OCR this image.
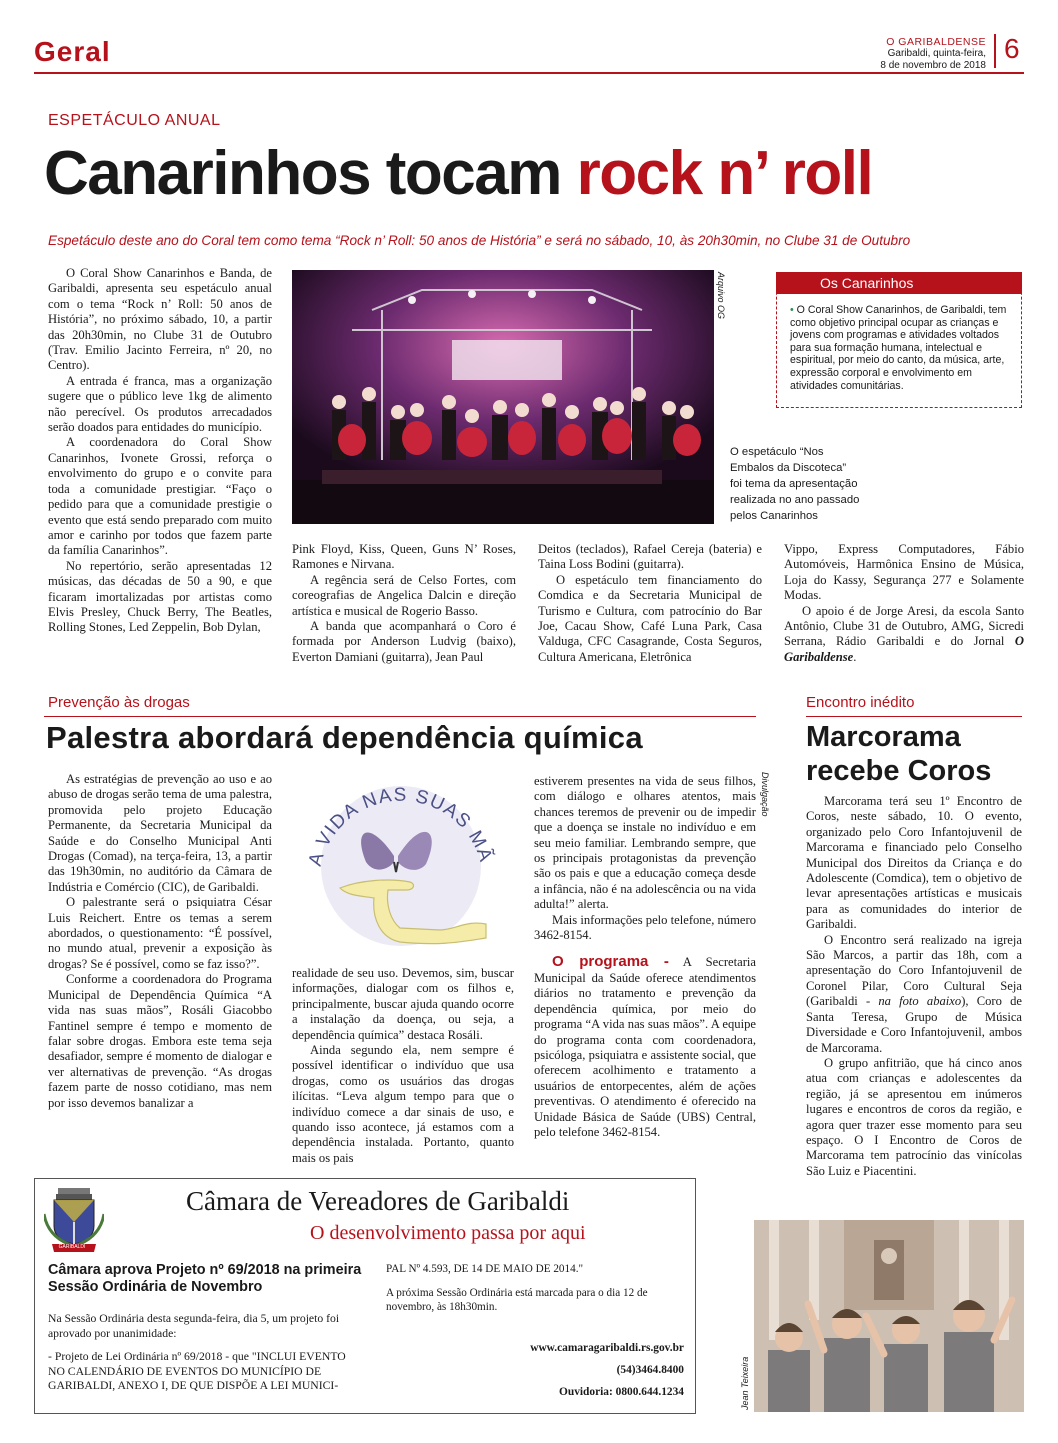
Geral	O GARIBALDENSE
Garibaldi, quinta-feira,
8 de novembro de 2018
6
ESPETÁCULO ANUAL
Canarinhos tocam rock n’ roll
Espetáculo deste ano do Coral tem como tema “Rock n’ Roll: 50 anos de História” e será no sábado, 10, às 20h30min, no Clube 31 de Outubro

O Coral Show Canarinhos e Banda, de Garibaldi, apresenta seu espetáculo anual com o tema “Rock n’ Roll: 50 anos de História”, no próximo sábado, 10, a partir das 20h30min, no Clube 31 de Outubro (Trav. Emilio Jacinto Ferreira, nº 20, no Centro).

A entrada é franca, mas a organização sugere que o público leve 1kg de alimento não perecível. Os produtos arrecadados serão doados para entidades do município.

A coordenadora do Coral Show Canarinhos, Ivonete Grossi, reforça o envolvimento do grupo e o convite para toda a comunidade prestigiar. “Faço o pedido para que a comunidade prestigie o evento que está sendo preparado com muito amor e carinho por todos que fazem parte da família Canarinhos”.

No repertório, serão apresentadas 12 músicas, das décadas de 50 a 90, e que ficaram imortalizadas por artistas como Elvis Presley, Chuck Berry, The Beatles, Rolling Stones, Led Zeppelin, Bob Dylan,

Arquivo OG
O espetáculo “Nos Embalos da Discoteca” foi tema da apresentação realizada no ano passado pelos Canarinhos
Os Canarinhos
• O Coral Show Canarinhos, de Garibaldi, tem como objetivo principal ocupar as crianças e jovens com programas e atividades voltados para sua formação humana, intelectual e espiritual, por meio do canto, da música, arte, expressão corporal e envolvimento em atividades comunitárias.
Pink Floyd, Kiss, Queen, Guns N’ Roses, Ramones e Nirvana.

A regência será de Celso Fortes, com coreografias de Angelica Dalcin e direção artística e musical de Rogerio Basso.

A banda que acompanhará o Coro é formada por Anderson Ludvig (baixo), Everton Damiani (guitarra), Jean Paul

Deitos (teclados), Rafael Cereja (bateria) e Taina Loss Bodini (guitarra).

O espetáculo tem financiamento do Comdica e da Secretaria Municipal de Turismo e Cultura, com patrocínio do Bar Joe, Cacau Show, Café Luna Park, Casa Valduga, CFC Casagrande, Costa Seguros, Cultura Americana, Eletrônica

Vippo, Express Computadores, Fábio Automóveis, Harmônica Ensino de Música, Loja do Kassy, Segurança 277 e Solamente Modas.

O apoio é de Jorge Aresi, da escola Santo Antônio, Clube 31 de Outubro, AMG, Sicredi Serrana, Rádio Garibaldi e do Jornal O Garibaldense.

Prevenção às drogas
Palestra abordará dependência química

As estratégias de prevenção ao uso e ao abuso de drogas serão tema de uma palestra, promovida pelo projeto Educação Permanente, da Secretaria Municipal da Saúde e do Conselho Municipal Anti Drogas (Comad), na terça-feira, 13, a partir das 19h30min, no auditório da Câmara de Indústria e Comércio (CIC), de Garibaldi.

O palestrante será o psiquiatra César Luis Reichert. Entre os temas a serem abordados, o questionamento: “É possível, no mundo atual, prevenir a exposição às drogas? Se é possível, como se faz isso?”.

Conforme a coordenadora do Programa Municipal de Dependência Química “A vida nas suas mãos”, Rosáli Giacobbo Fantinel sempre é tempo e momento de falar sobre drogas. Embora este tema seja desafiador, sempre é momento de dialogar e ver alternativas de prevenção. “As drogas fazem parte de nosso cotidiano, mas nem por isso devemos banalizar a

A VIDA NAS SUAS MÃ
Divulgação
realidade de seu uso. Devemos, sim, buscar informações, dialogar com os filhos e, principalmente, buscar ajuda quando ocorre a instalação da doença, ou seja, a dependência química” destaca Rosáli.

Ainda segundo ela, nem sempre é possível identificar o indivíduo que usa drogas, como os usuários das drogas ilícitas. “Leva algum tempo para que o indivíduo comece a dar sinais de uso, e quando isso acontece, já estamos com a dependência instalada. Portanto, quanto mais os pais

estiverem presentes na vida de seus filhos, com diálogo e olhares atentos, mais chances teremos de prevenir ou de impedir que a doença se instale no indivíduo e em seu meio familiar. Lembrando sempre, que os principais protagonistas da prevenção são os pais e que a educação começa desde a infância, não é na adolescência ou na vida adulta!” alerta.

Mais informações pelo telefone, número 3462-8154.

O programa - A Secretaria Municipal da Saúde oferece atendimentos diários no tratamento e prevenção da dependência química, por meio do programa “A vida nas suas mãos”. A equipe do programa conta com coordenadora, psicóloga, psiquiatra e assistente social, que oferecem acolhimento e tratamento a usuários de entorpecentes, além de ações preventivas. O atendimento é oferecido na Unidade Básica de Saúde (UBS) Central, pelo telefone 3462-8154.

Encontro inédito
Marcorama recebe Coros

Marcorama terá seu 1º Encontro de Coros, neste sábado, 10. O evento, organizado pelo Coro Infantojuvenil de Marcorama e financiado pelo Conselho Municipal dos Direitos da Criança e do Adolescente (Comdica), tem o objetivo de levar apresentações artísticas e musicais para as comunidades do interior de Garibaldi.

O Encontro será realizado na igreja São Marcos, a partir das 18h, com a apresentação do Coro Infantojuvenil de Coronel Pilar, Coro Cultural Seja (Garibaldi - na foto abaixo), Coro de Santa Teresa, Grupo de Música Diversidade e Coro Infantojuvenil, ambos de Marcorama.

O grupo anfitrião, que há cinco anos atua com crianças e adolescentes da região, já se apresentou em inúmeros lugares e encontros de coros da região, e agora quer trazer esse momento para seu espaço. O I Encontro de Coros de Marcorama tem patrocínio das vinícolas São Luiz e Piacentini.

Jean Teixeira
GARIBALDI
Câmara de Vereadores de Garibaldi
O desenvolvimento passa por aqui
Câmara aprova Projeto nº 69/2018 na primeira Sessão Ordinária de Novembro
Na Sessão Ordinária desta segunda-feira, dia 5, um projeto foi aprovado por unanimidade:
- Projeto de Lei Ordinária nº 69/2018 - que "INCLUI EVENTO NO CALENDÁRIO DE EVENTOS DO MUNICÍPIO DE GARIBALDI, ANEXO I, DE QUE DISPÕE A LEI MUNICI-
PAL Nº 4.593, DE 14 DE MAIO DE 2014."
A próxima Sessão Ordinária está marcada para o dia 12 de novembro, às 18h30min.
www.camaragaribaldi.rs.gov.br
(54)3464.8400
Ouvidoria: 0800.644.1234
